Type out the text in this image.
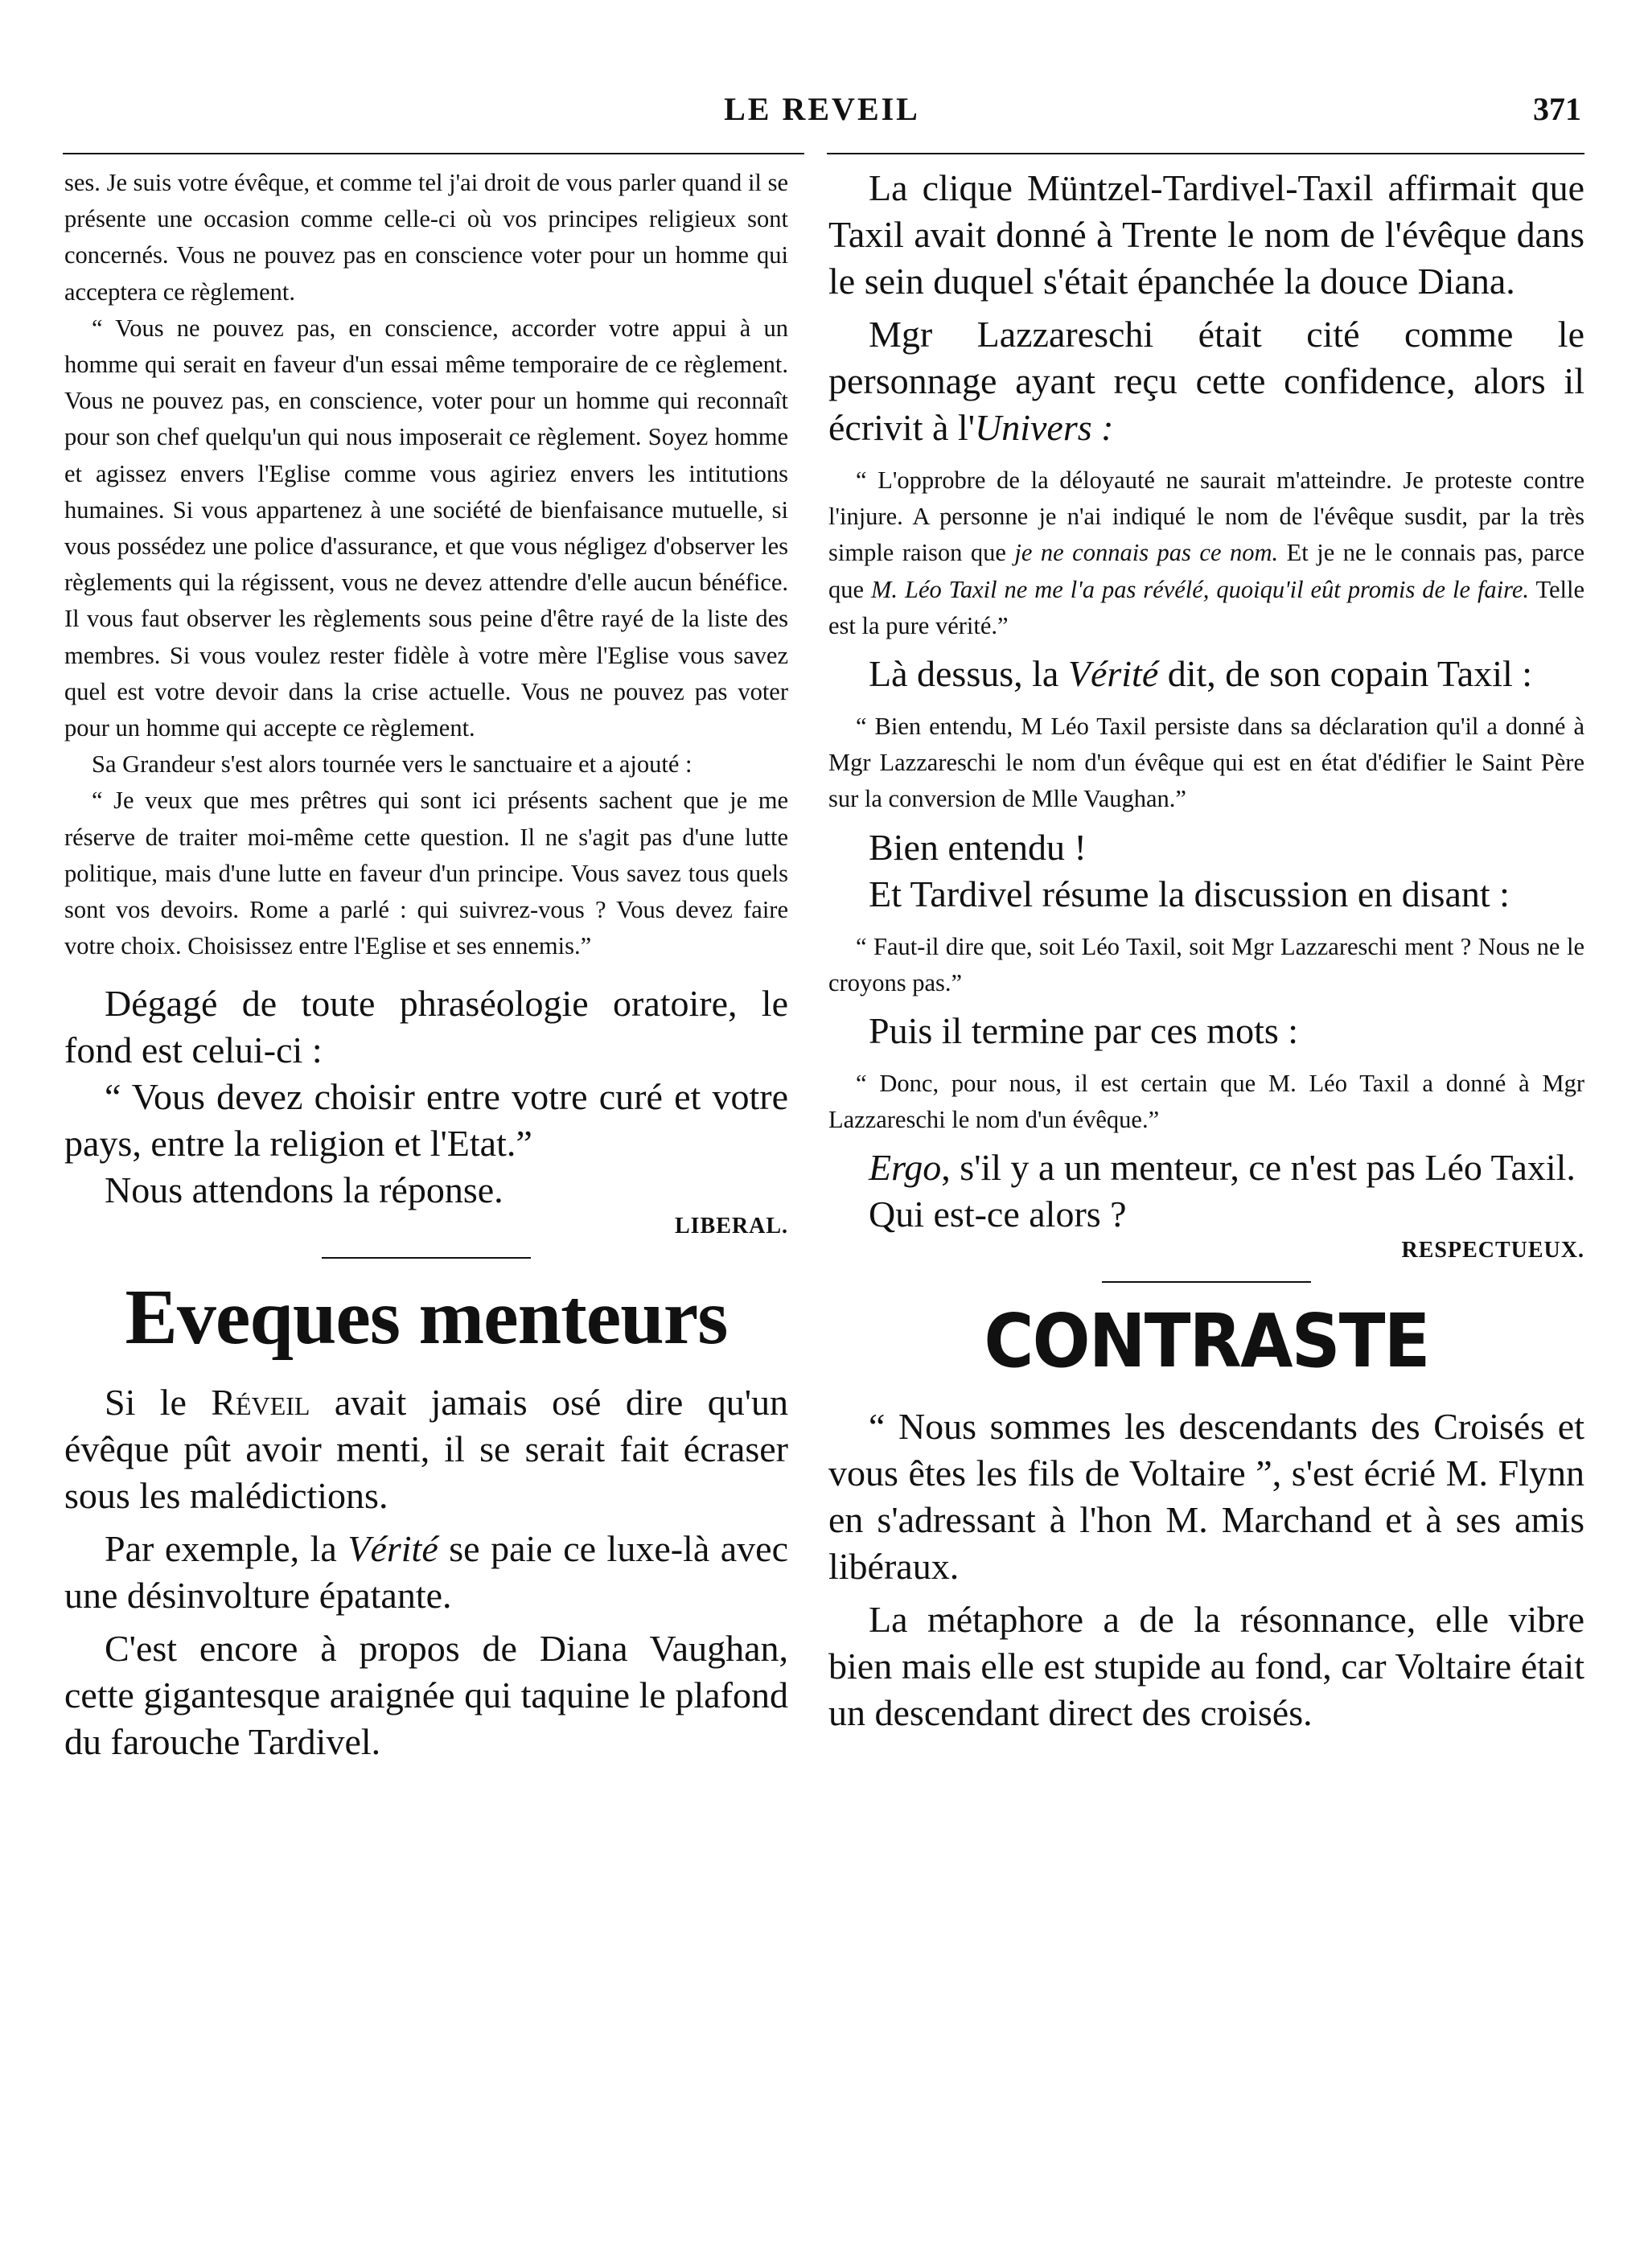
LE REVEIL	371

ses. Je suis votre évêque, et comme tel j'ai droit de vous parler quand il se présente une occasion comme celle-ci où vos principes religieux sont concernés. Vous ne pouvez pas en conscience voter pour un homme qui acceptera ce règlement.

“ Vous ne pouvez pas, en conscience, accorder votre appui à un homme qui serait en faveur d'un essai même temporaire de ce règlement. Vous ne pouvez pas, en conscience, voter pour un homme qui reconnaît pour son chef quelqu'un qui nous imposerait ce règlement. Soyez homme et agissez envers l'Eglise comme vous agiriez envers les intitutions humaines. Si vous appartenez à une société de bienfaisance mutuelle, si vous possédez une police d'assurance, et que vous négligez d'observer les règlements qui la régissent, vous ne devez attendre d'elle aucun bénéfice. Il vous faut observer les règlements sous peine d'être rayé de la liste des membres. Si vous voulez rester fidèle à votre mère l'Eglise vous savez quel est votre devoir dans la crise actuelle. Vous ne pouvez pas voter pour un homme qui accepte ce règlement.

Sa Grandeur s'est alors tournée vers le sanctuaire et a ajouté :

“ Je veux que mes prêtres qui sont ici présents sachent que je me réserve de traiter moi-même cette question. Il ne s'agit pas d'une lutte politique, mais d'une lutte en faveur d'un principe. Vous savez tous quels sont vos devoirs. Rome a parlé : qui suivrez-vous ? Vous devez faire votre choix. Choisissez entre l'Eglise et ses ennemis.”

Dégagé de toute phraséologie oratoire, le fond est celui-ci :

“ Vous devez choisir entre votre curé et votre pays, entre la religion et l'Etat.”

Nous attendons la réponse.

LIBERAL.
Eveques menteurs

Si le Réveil avait jamais osé dire qu'un évêque pût avoir menti, il se serait fait écraser sous les malédictions.

Par exemple, la Vérité se paie ce luxe-là avec une désinvolture épatante.

C'est encore à propos de Diana Vaughan, cette gigantesque araignée qui taquine le plafond du farouche Tardivel.

La clique Müntzel-Tardivel-Taxil affirmait que Taxil avait donné à Trente le nom de l'évêque dans le sein duquel s'était épanchée la douce Diana.

Mgr Lazzareschi était cité comme le personnage ayant reçu cette confidence, alors il écrivit à l'Univers :

“ L'opprobre de la déloyauté ne saurait m'atteindre. Je proteste contre l'injure. A personne je n'ai indiqué le nom de l'évêque susdit, par la très simple raison que je ne connais pas ce nom. Et je ne le connais pas, parce que M. Léo Taxil ne me l'a pas révélé, quoiqu'il eût promis de le faire. Telle est la pure vérité.”

Là dessus, la Vérité dit, de son copain Taxil :

“ Bien entendu, M Léo Taxil persiste dans sa déclaration qu'il a donné à Mgr Lazzareschi le nom d'un évêque qui est en état d'édifier le Saint Père sur la conversion de Mlle Vaughan.”

Bien entendu !

Et Tardivel résume la discussion en disant :

“ Faut-il dire que, soit Léo Taxil, soit Mgr Lazzareschi ment ? Nous ne le croyons pas.”

Puis il termine par ces mots :

“ Donc, pour nous, il est certain que M. Léo Taxil a donné à Mgr Lazzareschi le nom d'un évêque.”

Ergo, s'il y a un menteur, ce n'est pas Léo Taxil.

Qui est-ce alors ?

RESPECTUEUX.
CONTRASTE

“ Nous sommes les descendants des Croisés et vous êtes les fils de Voltaire ”, s'est écrié M. Flynn en s'adressant à l'hon M. Marchand et à ses amis libéraux.

La métaphore a de la résonnance, elle vibre bien mais elle est stupide au fond, car Voltaire était un descendant direct des croisés.
